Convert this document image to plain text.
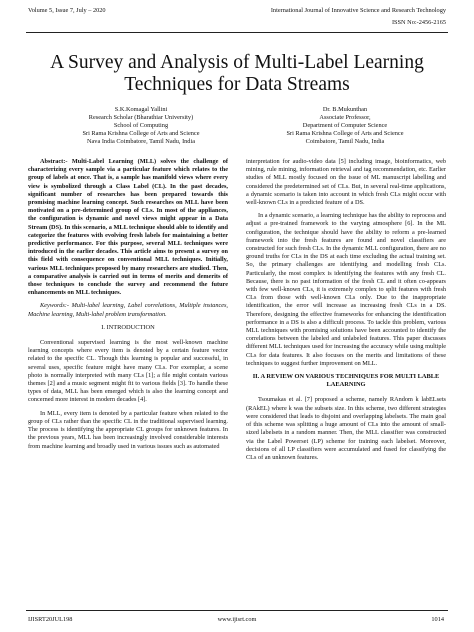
Volume 5, Issue 7, July – 2020	International Journal of Innovative Science and Research Technology
ISSN No:-2456-2165
A Survey and Analysis of Multi-Label Learning Techniques for Data Streams
S.K.Komagal Yallini
Research Scholar (Bharathiar University)
School of Computing
Sri Rama Krishna College of Arts and Science
Nava India Coimbatore, Tamil Nadu, India
Dr. B.Mukunthan
Associate Professor,
Department of Computer Science
Sri Rama Krishna College of Arts and Science
Coimbatore, Tamil Nadu, India

Abstract:- Multi-Label Learning (MLL) solves the challenge of characterizing every sample via a particular feature which relates to the group of labels at once. That is, a sample has manifold views where every view is symbolized through a Class Label (CL). In the past decades, significant number of researches has been prepared towards this promising machine learning concept. Such researches on MLL have been motivated on a pre-determined group of CLs. In most of the appliances, the configuration is dynamic and novel views might appear in a Data Stream (DS). In this scenario, a MLL technique should able to identify and categorize the features with evolving fresh labels for maintaining a better predictive performance. For this purpose, several MLL techniques were introduced in the earlier decades. This article aims to present a survey on this field with consequence on conventional MLL techniques. Initially, various MLL techniques proposed by many researchers are studied. Then, a comparative analysis is carried out in terms of merits and demerits of those techniques to conclude the survey and recommend the future enhancements on MLL techniques.

Keywords:- Multi-label learning, Label correlations, Multiple instances, Machine learning, Multi-label problem transformation.

I. INTRODUCTION

Conventional supervised learning is the most well-known machine learning concepts where every item is denoted by a certain feature vector related to the specific CL. Though this learning is popular and successful, in several uses, specific feature might have many CLs. For exemplar, a scene photo is normally interpreted with many CLs [1]; a file might contain various themes [2] and a music segment might fit to various fields [3]. To handle these types of data, MLL has been emerged which is also the learning concept and concerned more interest in modern decades [4].

In MLL, every item is denoted by a particular feature when related to the group of CLs rather than the specific CL in the traditional supervised learning. The process is identifying the appropriate CL groups for unknown features. In the previous years, MLL has been increasingly involved considerable interests from machine learning and broadly used in various issues such as automated

interpretation for audio-video data [5] including image, bioinformatics, web mining, rule mining, information retrieval and tag recommendation, etc. Earlier studies of MLL mostly focused on the issue of ML manuscript labelling and considered the predetermined set of CLs. But, in several real-time applications, a dynamic scenario is taken into account in which fresh CLs might occur with well-known CLs in a predicted feature of a DS.

In a dynamic scenario, a learning technique has the ability to reprocess and adjust a pre-trained framework to the varying atmosphere [6]. In the ML configuration, the technique should have the ability to reform a pre-learned framework into the fresh features are found and novel classifiers are constructed for such fresh CLs. In the dynamic MLL configuration, there are no ground truths for CLs in the DS at each time excluding the actual training set. So, the primary challenges are identifying and modelling fresh CLs. Particularly, the most complex is identifying the features with any fresh CL. Because, there is no past information of the fresh CL and it often co-appears with few well-known CLs, it is extremely complex to split features with fresh CLs from those with well-known CLs only. Due to the inappropriate identification, the error will increase as increasing fresh CLs in a DS. Therefore, designing the effective frameworks for enhancing the identification performance in a DS is also a difficult process. To tackle this problem, various MLL techniques with promising solutions have been accounted to identify the correlations between the labeled and unlabeled features. This paper discusses different MLL techniques used for increasing the accuracy while using multiple CLs for data features. It also focuses on the merits and limitations of these techniques to suggest further improvement on MLL.

II. A REVIEW ON VARIOUS TECHNIQUES FOR MULTI LABLE LAEARNING

Tsoumakas et al. [7] proposed a scheme, namely RAndom k labELsets (RAkEL) where k was the subsets size. In this scheme, two different strategies were considered that leads to disjoint and overlapping labelsets. The main goal of this scheme was splitting a huge amount of CLs into the amount of small-sized labelsets in a random manner. Then, the MLL classifier was constructed via the Label Powerset (LP) scheme for training each labelset. Moreover, decisions of all LP classifiers were accumulated and fused for classifying the CLs of an unknown features.

IJISRT20JUL198	www.ijisrt.com	1014
